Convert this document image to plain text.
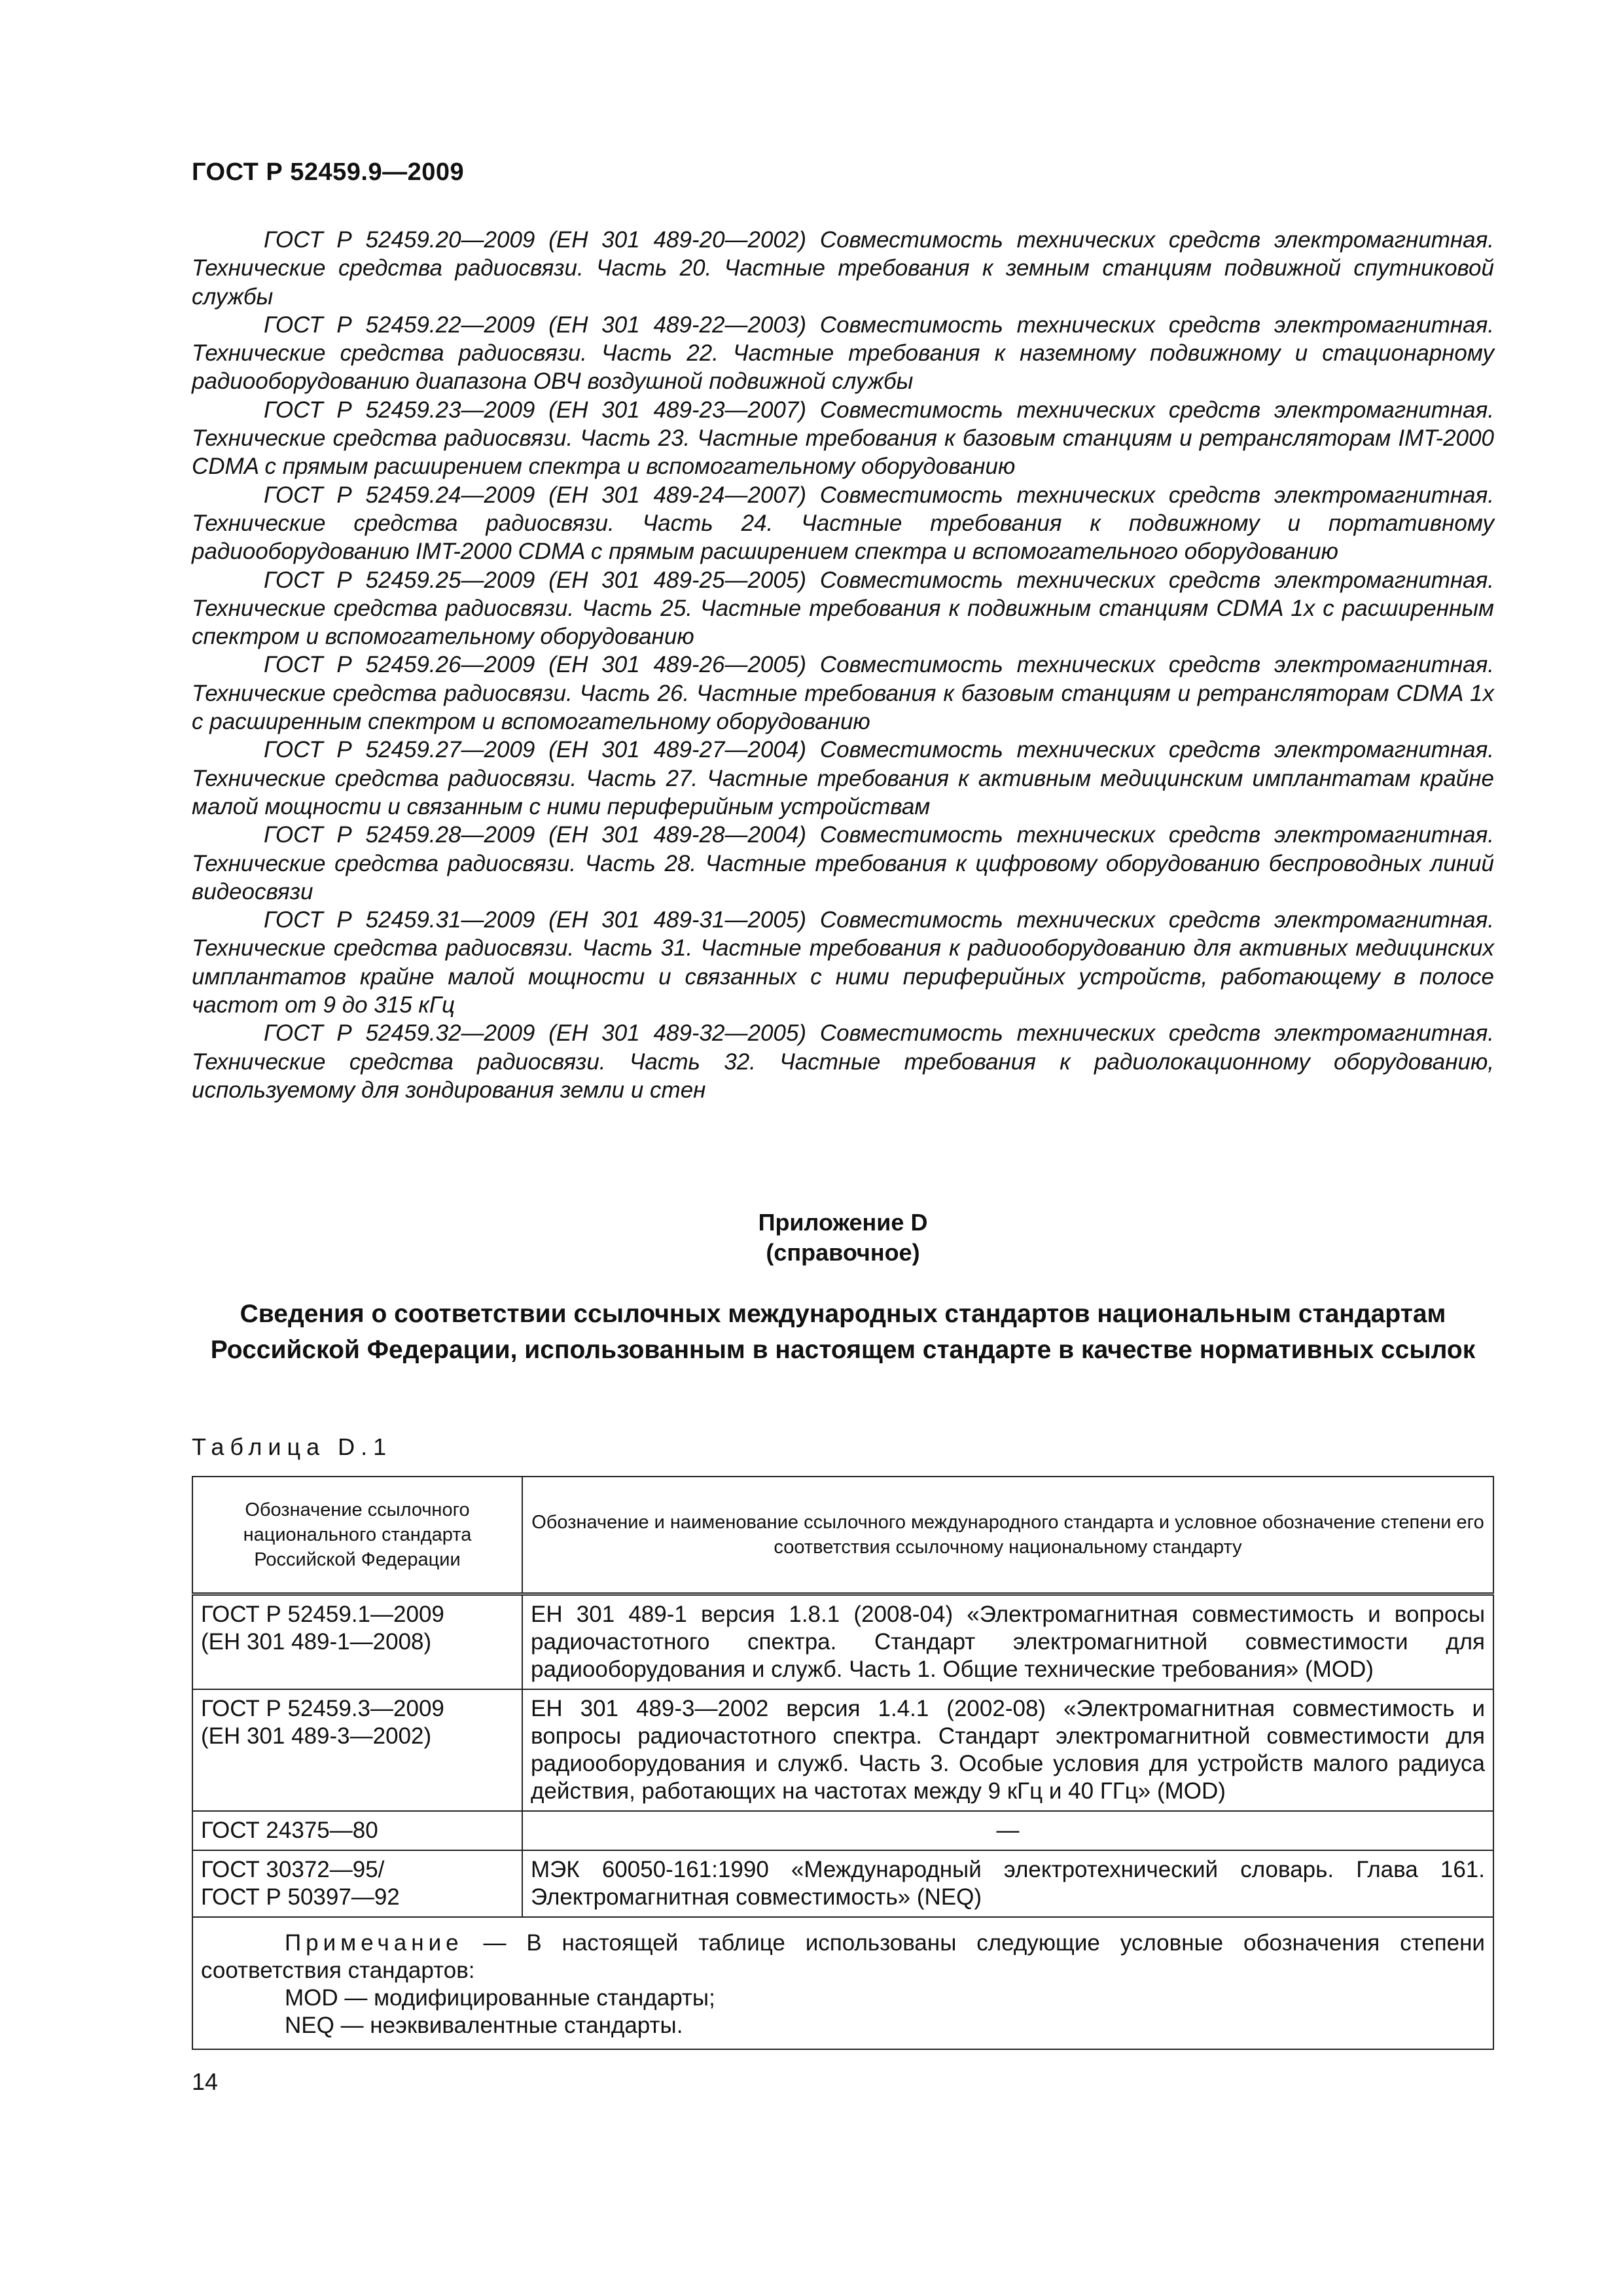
ГОСТ Р 52459.9—2009

ГОСТ Р 52459.20—2009 (ЕН 301 489-20—2002) Совместимость технических средств электромагнитная. Технические средства радиосвязи. Часть 20. Частные требования к земным станциям подвижной спутниковой службы

ГОСТ Р 52459.22—2009 (ЕН 301 489-22—2003) Совместимость технических средств электромагнитная. Технические средства радиосвязи. Часть 22. Частные требования к наземному подвижному и стационарному радиооборудованию диапазона ОВЧ воздушной подвижной службы

ГОСТ Р 52459.23—2009 (ЕН 301 489-23—2007) Совместимость технических средств электромагнитная. Технические средства радиосвязи. Часть 23. Частные требования к базовым станциям и ретрансляторам IMT-2000 CDMA с прямым расширением спектра и вспомогательному оборудованию

ГОСТ Р 52459.24—2009 (ЕН 301 489-24—2007) Совместимость технических средств электромагнитная. Технические средства радиосвязи. Часть 24. Частные требования к подвижному и портативному радиооборудованию IMT-2000 CDMA с прямым расширением спектра и вспомогательного оборудованию

ГОСТ Р 52459.25—2009 (ЕН 301 489-25—2005) Совместимость технических средств электромагнитная. Технические средства радиосвязи. Часть 25. Частные требования к подвижным станциям CDMA 1x с расширенным спектром и вспомогательному оборудованию

ГОСТ Р 52459.26—2009 (ЕН 301 489-26—2005) Совместимость технических средств электромагнитная. Технические средства радиосвязи. Часть 26. Частные требования к базовым станциям и ретрансляторам CDMA 1x с расширенным спектром и вспомогательному оборудованию

ГОСТ Р 52459.27—2009 (ЕН 301 489-27—2004) Совместимость технических средств электромагнитная. Технические средства радиосвязи. Часть 27. Частные требования к активным медицинским имплантатам крайне малой мощности и связанным с ними периферийным устройствам

ГОСТ Р 52459.28—2009 (ЕН 301 489-28—2004) Совместимость технических средств электромагнитная. Технические средства радиосвязи. Часть 28. Частные требования к цифровому оборудованию беспроводных линий видеосвязи

ГОСТ Р 52459.31—2009 (ЕН 301 489-31—2005) Совместимость технических средств электромагнитная. Технические средства радиосвязи. Часть 31. Частные требования к радиооборудованию для активных медицинских имплантатов крайне малой мощности и связанных с ними периферийных устройств, работающему в полосе частот от 9 до 315 кГц

ГОСТ Р 52459.32—2009 (ЕН 301 489-32—2005) Совместимость технических средств электромагнитная. Технические средства радиосвязи. Часть 32. Частные требования к радиолокационному оборудованию, используемому для зондирования земли и стен

Приложение D
(справочное)
Сведения о соответствии ссылочных международных стандартов национальным стандартам Российской Федерации, использованным в настоящем стандарте в качестве нормативных ссылок
Таблица D.1
Обозначение ссылочного национального стандарта Российской Федерации	Обозначение и наименование ссылочного международного стандарта и условное обозначение степени его соответствия ссылочному национальному стандарту

ГОСТ Р 52459.1—2009
(ЕН 301 489-1—2008)	ЕН 301 489-1 версия 1.8.1 (2008-04) «Электромагнитная совместимость и вопросы радиочастотного спектра. Стандарт электромагнитной совместимости для радиооборудования и служб. Часть 1. Общие технические требования» (MOD)

ГОСТ Р 52459.3—2009
(ЕН 301 489-3—2002)	ЕН 301 489-3—2002 версия 1.4.1 (2002-08) «Электромагнитная совместимость и вопросы радиочастотного спектра. Стандарт электромагнитной совместимости для радиооборудования и служб. Часть 3. Особые условия для устройств малого радиуса действия, работающих на частотах между 9 кГц и 40 ГГц» (MOD)

ГОСТ 24375—80	—

ГОСТ 30372—95/
ГОСТ Р 50397—92	МЭК 60050-161:1990 «Международный электротехнический словарь. Глава 161. Электромагнитная совместимость» (NEQ)

Примечание — В настоящей таблице использованы следующие условные обозначения степени соответствия стандартов:

MOD — модифицированные стандарты;

NEQ — неэквивалентные стандарты.	

14
